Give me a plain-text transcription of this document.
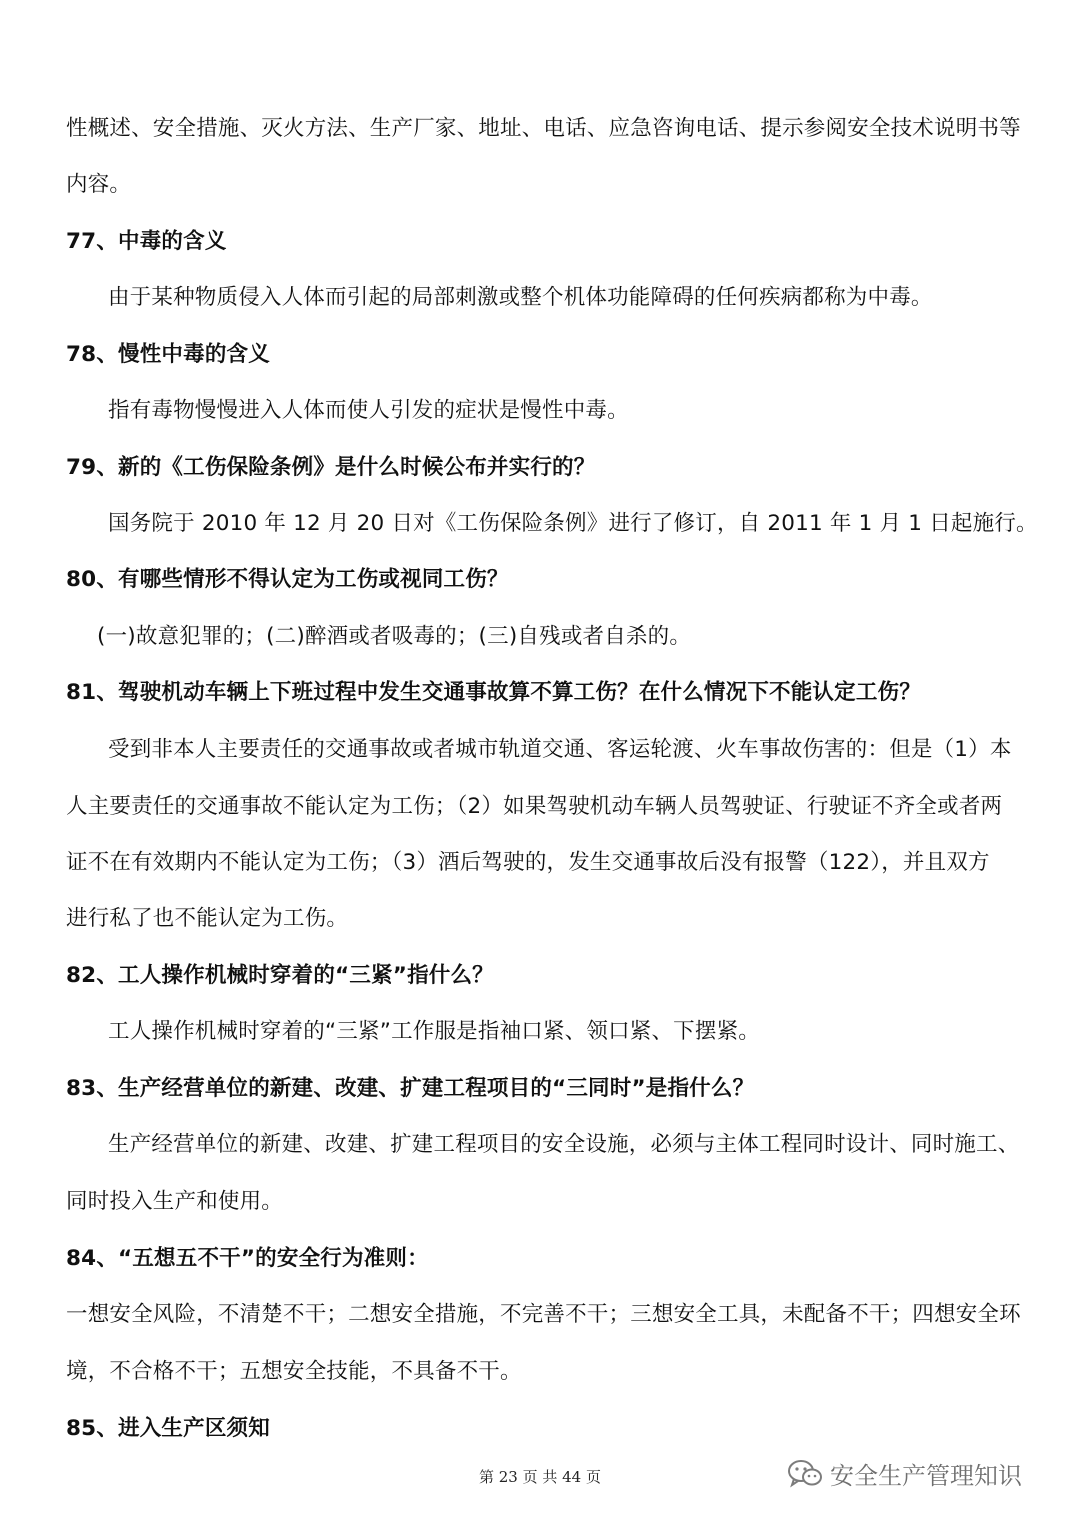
性概述、安全措施、灭火方法、生产厂家、地址、电话、应急咨询电话、提示参阅安全技术说明书等
内容。
77、中毒的含义
由于某种物质侵入人体而引起的局部刺激或整个机体功能障碍的任何疾病都称为中毒。
78、慢性中毒的含义
指有毒物慢慢进入人体而使人引发的症状是慢性中毒。
79、新的《工伤保险条例》是什么时候公布并实行的？
国务院于 2010 年 12 月 20 日对《工伤保险条例》进行了修订，自 2011 年 1 月 1 日起施行。
80、有哪些情形不得认定为工伤或视同工伤？
(一)故意犯罪的；(二)醉酒或者吸毒的；(三)自残或者自杀的。
81、驾驶机动车辆上下班过程中发生交通事故算不算工伤？在什么情况下不能认定工伤？
受到非本人主要责任的交通事故或者城市轨道交通、客运轮渡、火车事故伤害的：但是（1）本
人主要责任的交通事故不能认定为工伤；（2）如果驾驶机动车辆人员驾驶证、行驶证不齐全或者两
证不在有效期内不能认定为工伤；（3）酒后驾驶的，发生交通事故后没有报警（122），并且双方
进行私了也不能认定为工伤。
82、工人操作机械时穿着的“三紧”指什么？
工人操作机械时穿着的“三紧”工作服是指袖口紧、领口紧、下摆紧。
83、生产经营单位的新建、改建、扩建工程项目的“三同时”是指什么？
生产经营单位的新建、改建、扩建工程项目的安全设施，必须与主体工程同时设计、同时施工、
同时投入生产和使用。
84、“五想五不干”的安全行为准则：
一想安全风险，不清楚不干；二想安全措施，不完善不干；三想安全工具，未配备不干；四想安全环
境，不合格不干；五想安全技能，不具备不干。
85、进入生产区须知
第 23 页 共 44 页	安全生产管理知识
